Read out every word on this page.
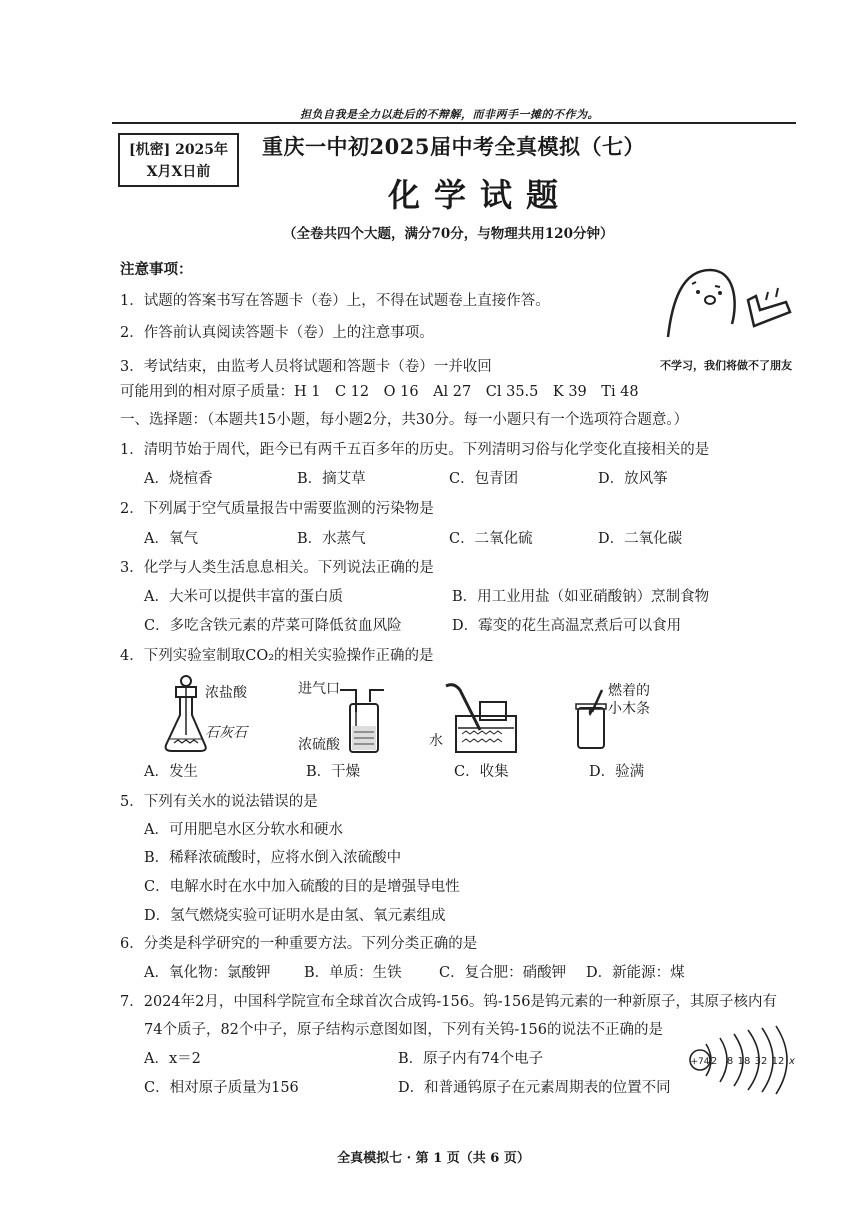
担负自我是全力以赴后的不辩解，而非两手一摊的不作为。
[机密] 2025年
X月X日前
重庆一中初2025届中考全真模拟（七）
化学试题
（全卷共四个大题，满分70分，与物理共用120分钟）
注意事项：
1．试题的答案书写在答题卡（卷）上，不得在试题卷上直接作答。
2．作答前认真阅读答题卡（卷）上的注意事项。
3．考试结束，由监考人员将试题和答题卡（卷）一并收回	不学习，我们将做不了朋友
可能用到的相对原子质量：H 1　C 12　O 16　Al 27　Cl 35.5　K 39　Ti 48
一、选择题：（本题共15小题，每小题2分，共30分。每一小题只有一个选项符合题意。）
1．清明节始于周代，距今已有两千五百多年的历史。下列清明习俗与化学变化直接相关的是
A．烧楦香	B．摘艾草	C．包青团	D．放风筝
2．下列属于空气质量报告中需要监测的污染物是
A．氧气	B．水蒸气	C．二氧化硫	D．二氧化碳
3．化学与人类生活息息相关。下列说法正确的是
A．大米可以提供丰富的蛋白质	B．用工业用盐（如亚硝酸钠）烹制食物
C．多吃含铁元素的芹菜可降低贫血风险	D．霉变的花生高温烹煮后可以食用
4．下列实验室制取CO₂的相关实验操作正确的是
浓盐酸
石灰石
进气口
浓硫酸	水
燃着的
小木条
A．发生	B．干燥	C．收集	D．验满
5．下列有关水的说法错误的是
A．可用肥皂水区分软水和硬水
B．稀释浓硫酸时，应将水倒入浓硫酸中
C．电解水时在水中加入硫酸的目的是增强导电性
D．氢气燃烧实验可证明水是由氢、氧元素组成
6．分类是科学研究的一种重要方法。下列分类正确的是
A．氧化物：氯酸钾 B．单质：生铁	C．复合肥：硝酸钾 D．新能源：煤
7．2024年2月，中国科学院宣布全球首次合成钨-156。钨-156是钨元素的一种新原子，其原子核内有
74个质子，82个中子，原子结构示意图如图，下列有关钨-156的说法不正确的是
A．x＝2	B．原子内有74个电子
C．相对原子质量为156	D．和普通钨原子在元素周期表的位置不同
+74 2 8 18 32 12 x
全真模拟七 · 第 1 页（共 6 页）
